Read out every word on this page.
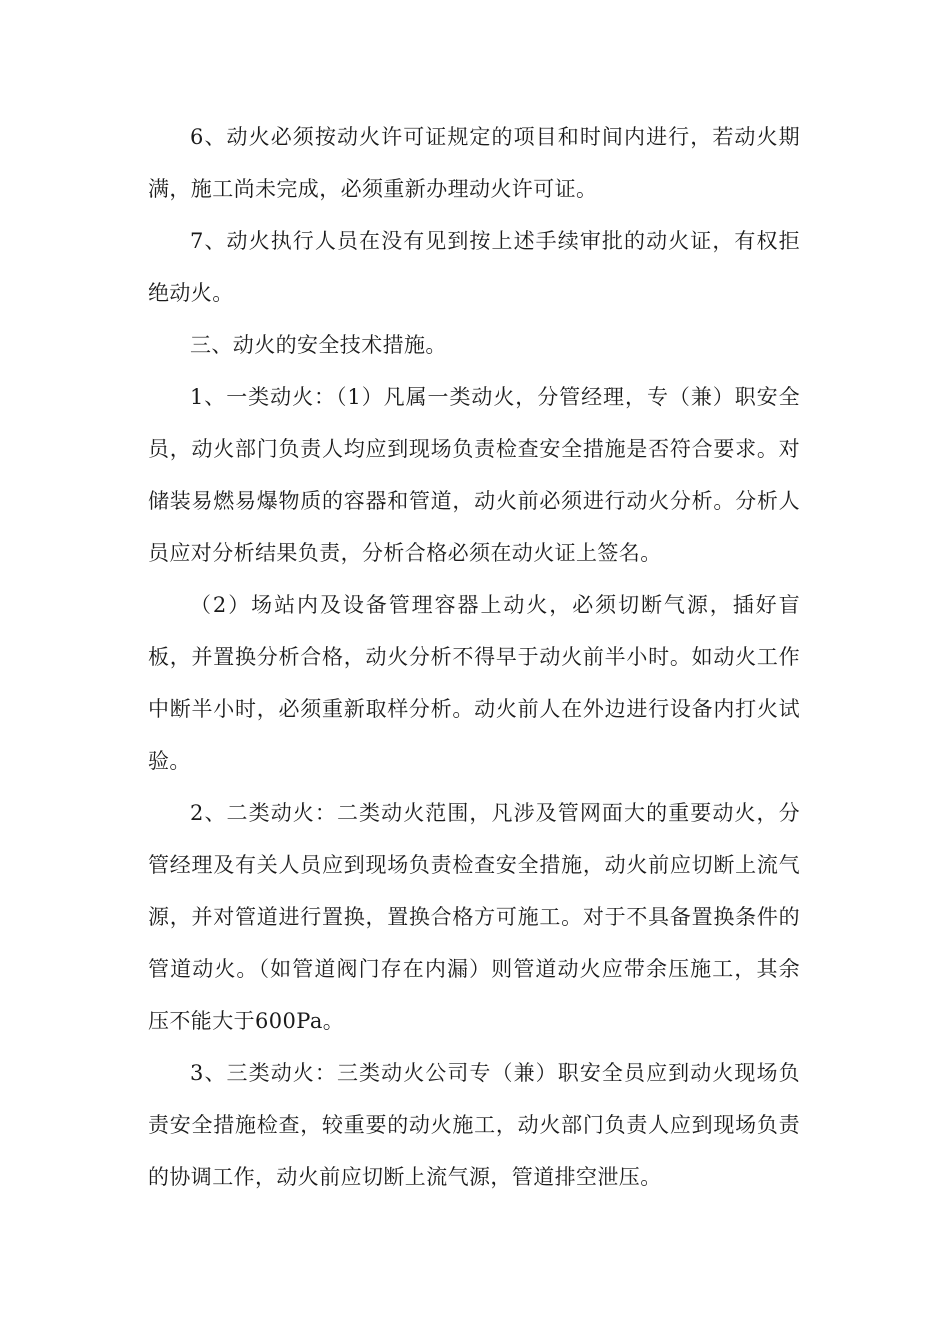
6、动火必须按动火许可证规定的项目和时间内进行，若动火期满，施工尚未完成，必须重新办理动火许可证。

7、动火执行人员在没有见到按上述手续审批的动火证，有权拒绝动火。

三、动火的安全技术措施。

1、一类动火：（1）凡属一类动火，分管经理，专（兼）职安全员，动火部门负责人均应到现场负责检查安全措施是否符合要求。对储装易燃易爆物质的容器和管道，动火前必须进行动火分析。分析人员应对分析结果负责，分析合格必须在动火证上签名。

（2）场站内及设备管理容器上动火，必须切断气源，插好盲板，并置换分析合格，动火分析不得早于动火前半小时。如动火工作中断半小时，必须重新取样分析。动火前人在外边进行设备内打火试验。

2、二类动火：二类动火范围，凡涉及管网面大的重要动火，分管经理及有关人员应到现场负责检查安全措施，动火前应切断上流气源，并对管道进行置换，置换合格方可施工。对于不具备置换条件的管道动火。（如管道阀门存在内漏）则管道动火应带余压施工，其余压不能大于600Pa。

3、三类动火：三类动火公司专（兼）职安全员应到动火现场负责安全措施检查，较重要的动火施工，动火部门负责人应到现场负责的协调工作，动火前应切断上流气源，管道排空泄压。
